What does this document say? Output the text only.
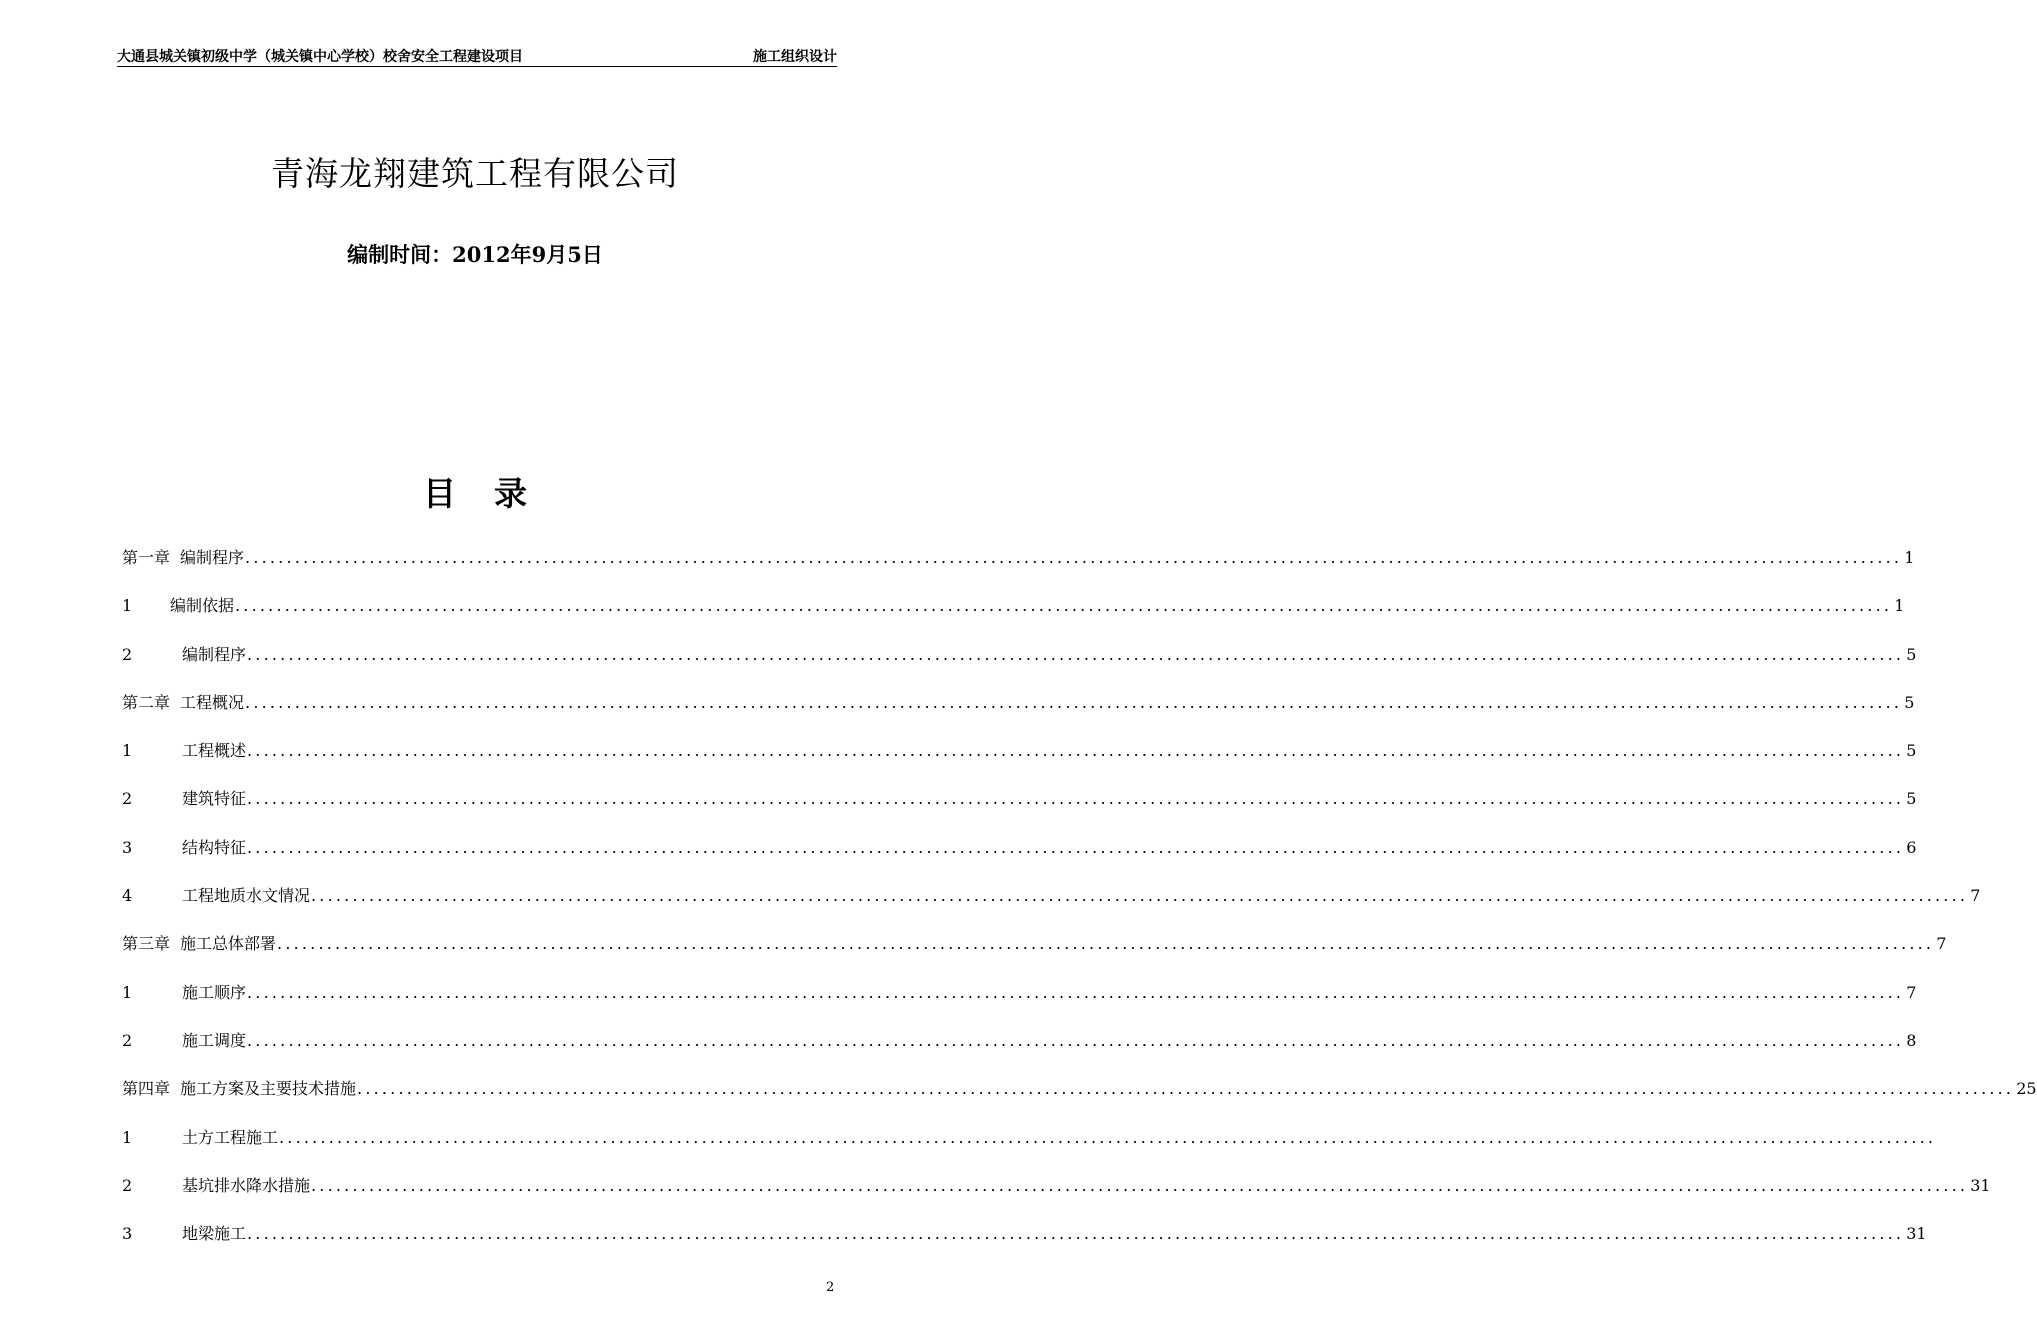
大通县城关镇初级中学（城关镇中心学校）校舍安全工程建设项目	施工组织设计
青海龙翔建筑工程有限公司
编制时间：2012年9月5日
目录
第一章 编制程序 ........................................................................................................................................................................................................ 1
1	编制依据 ........................................................................................................................................................................................................ 1
2	编制程序 ........................................................................................................................................................................................................ 5
第二章 工程概况 ........................................................................................................................................................................................................ 5
1	工程概述 ........................................................................................................................................................................................................ 5
2	建筑特征 ........................................................................................................................................................................................................ 5
3	结构特征 ........................................................................................................................................................................................................ 6
4	工程地质水文情况 ........................................................................................................................................................................................................ 7
第三章 施工总体部署 ........................................................................................................................................................................................................ 7
1	施工顺序 ........................................................................................................................................................................................................ 7
2	施工调度 ........................................................................................................................................................................................................ 8
第四章 施工方案及主要技术措施 ........................................................................................................................................................................................................ 25
1	土方工程施工 ........................................................................................................................................................................................................
2	基坑排水降水措施 ........................................................................................................................................................................................................ 31
3	地梁施工 ........................................................................................................................................................................................................ 31
2
